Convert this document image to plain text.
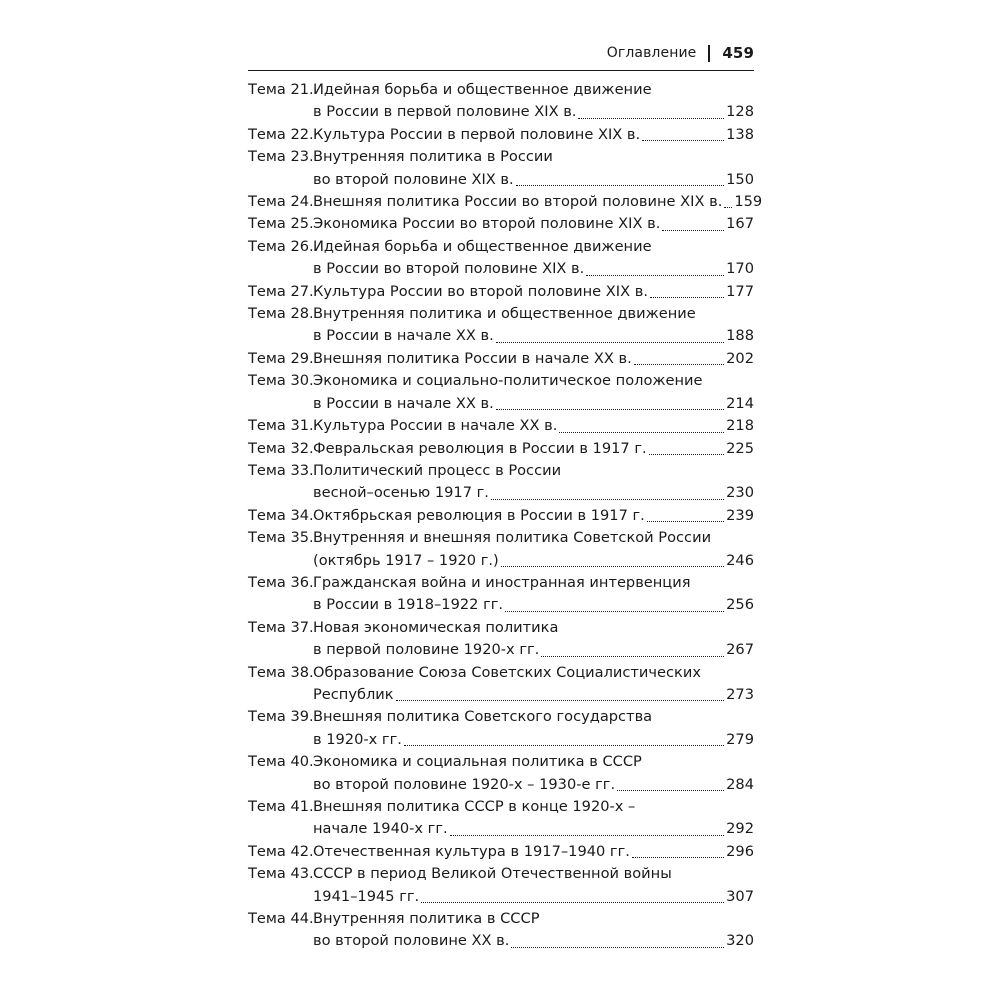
Оглавление 459
Тема 21. Идейная борьба и общественное движение
в России в первой половине XIX в.	128
Тема 22. Культура России в первой половине XIX в.	138
Тема 23. Внутренняя политика в России
во второй половине XIX в.	150
Тема 24. Внешняя политика России во второй половине XIX в. 159
Тема 25. Экономика России во второй половине XIX в.	167
Тема 26. Идейная борьба и общественное движение
в России во второй половине XIX в.	170
Тема 27. Культура России во второй половине XIX в.	177
Тема 28. Внутренняя политика и общественное движение
в России в начале XX в.	188
Тема 29. Внешняя политика России в начале XX в.	202
Тема 30. Экономика и социально-политическое положение
в России в начале XX в.	214
Тема 31. Культура России в начале XX в.	218
Тема 32. Февральская революция в России в 1917 г.	225
Тема 33. Политический процесс в России
весной–осенью 1917 г.	230
Тема 34. Октябрьская революция в России в 1917 г.	239
Тема 35. Внутренняя и внешняя политика Советской России
(октябрь 1917 – 1920 г.)	246
Тема 36. Гражданская война и иностранная интервенция
в России в 1918–1922 гг.	256
Тема 37. Новая экономическая политика
в первой половине 1920-х гг.	267
Тема 38. Образование Союза Советских Социалистических
Республик	273
Тема 39. Внешняя политика Советского государства
в 1920-х гг.	279
Тема 40. Экономика и социальная политика в СССР
во второй половине 1920-х – 1930-е гг.	284
Тема 41. Внешняя политика СССР в конце 1920-х –
начале 1940-х гг.	292
Тема 42. Отечественная культура в 1917–1940 гг.	296
Тема 43. СССР в период Великой Отечественной войны
1941–1945 гг.	307
Тема 44. Внутренняя политика в СССР
во второй половине XX в.	320
